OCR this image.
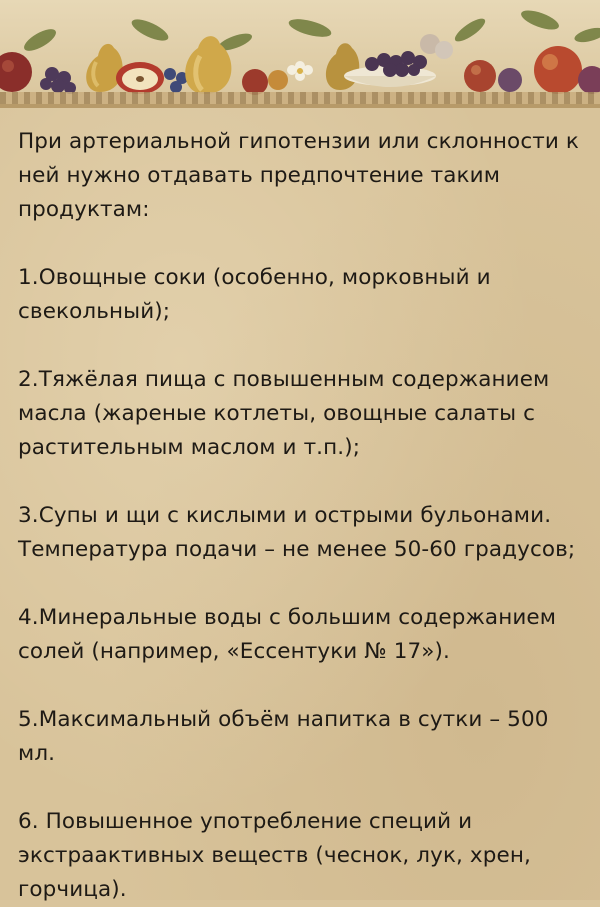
При артериальной гипотензии или склонности к ней нужно отдавать предпочтение таким продуктам:

1.Овощные соки (особенно, морковный и свекольный);

2.Тяжёлая пища с повышенным содержанием масла (жареные котлеты, овощные салаты с растительным маслом и т.п.);

3.Супы и щи с кислыми и острыми бульонами. Температура подачи – не менее 50-60 градусов;

4.Минеральные воды с большим содержанием солей (например, «Ессентуки № 17»).

5.Максимальный объём напитка в сутки – 500 мл.

6. Повышенное употребление специй и экстраактивных веществ (чеснок, лук, хрен, горчица).
